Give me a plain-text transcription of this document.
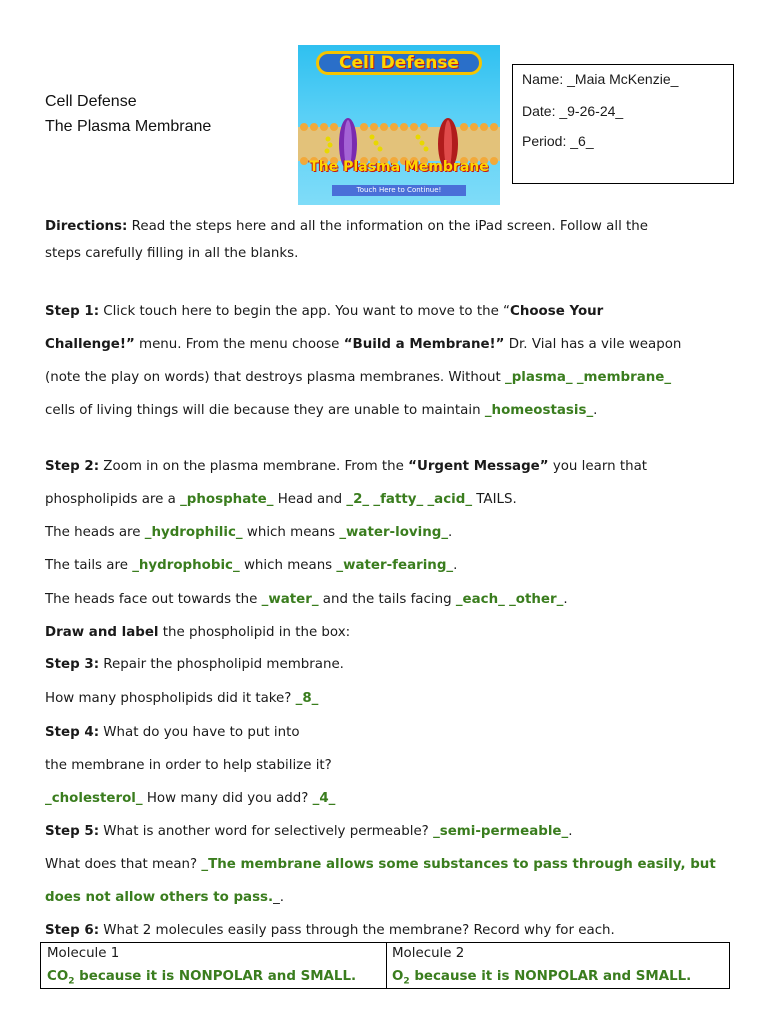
Cell Defense
The Plasma Membrane
Cell Defense
The Plasma Membrane
Touch Here to Continue!
Name: _Maia McKenzie_
Date: _9-26-24_
Period: _6_
Directions: Read the steps here and all the information on the iPad screen. Follow all the
steps carefully filling in all the blanks.
Step 1: Click touch here to begin the app. You want to move to the “Choose Your
Challenge!” menu. From the menu choose “Build a Membrane!” Dr. Vial has a vile weapon
(note the play on words) that destroys plasma membranes. Without _plasma_ _membrane_
cells of living things will die because they are unable to maintain _homeostasis_.
Step 2: Zoom in on the plasma membrane. From the “Urgent Message” you learn that
phospholipids are a _phosphate_ Head and _2_ _fatty_ _acid_ TAILS.
The heads are _hydrophilic_ which means _water-loving_.
The tails are _hydrophobic_ which means _water-fearing_.
The heads face out towards the _water_ and the tails facing _each_ _other_.
Draw and label the phospholipid in the box:
Step 3: Repair the phospholipid membrane.
How many phospholipids did it take? _8_
Step 4: What do you have to put into
the membrane in order to help stabilize it?
_cholesterol_ How many did you add? _4_
Step 5: What is another word for selectively permeable? _semi-permeable_.
What does that mean? _The membrane allows some substances to pass through easily, but
does not allow others to pass._.
Step 6: What 2 molecules easily pass through the membrane? Record why for each.
Molecule 1	Molecule 2
$CO_2$ because it is NONPOLAR and SMALL.	$O_2$ because it is NONPOLAR and SMALL.
